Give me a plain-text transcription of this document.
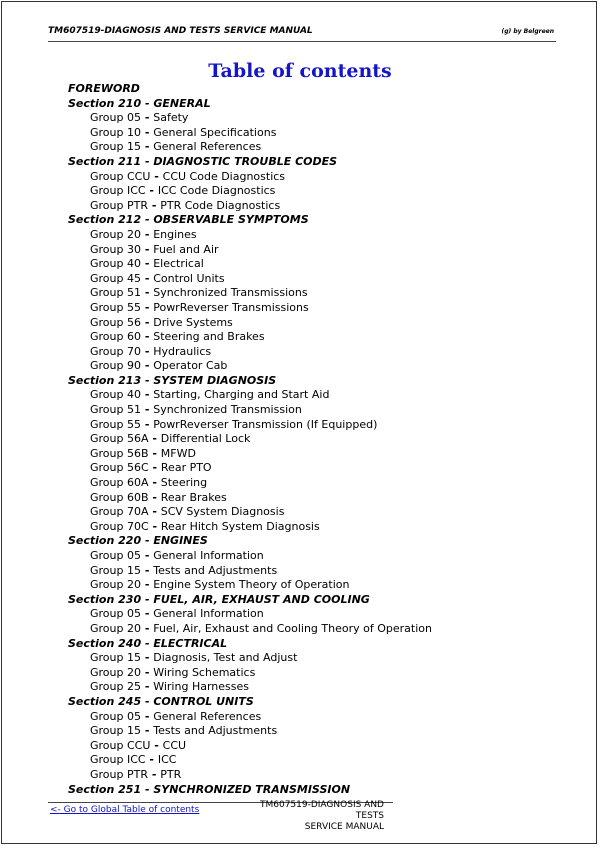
TM607519-DIAGNOSIS AND TESTS SERVICE MANUAL	(g) by Belgreen
Table of contents
FOREWORD
Section 210 - GENERAL
Group 05 - Safety
Group 10 - General Specifications
Group 15 - General References
Section 211 - DIAGNOSTIC TROUBLE CODES
Group CCU - CCU Code Diagnostics
Group ICC - ICC Code Diagnostics
Group PTR - PTR Code Diagnostics
Section 212 - OBSERVABLE SYMPTOMS
Group 20 - Engines
Group 30 - Fuel and Air
Group 40 - Electrical
Group 45 - Control Units
Group 51 - Synchronized Transmissions
Group 55 - PowrReverser Transmissions
Group 56 - Drive Systems
Group 60 - Steering and Brakes
Group 70 - Hydraulics
Group 90 - Operator Cab
Section 213 - SYSTEM DIAGNOSIS
Group 40 - Starting, Charging and Start Aid
Group 51 - Synchronized Transmission
Group 55 - PowrReverser Transmission (If Equipped)
Group 56A - Differential Lock
Group 56B - MFWD
Group 56C - Rear PTO
Group 60A - Steering
Group 60B - Rear Brakes
Group 70A - SCV System Diagnosis
Group 70C - Rear Hitch System Diagnosis
Section 220 - ENGINES
Group 05 - General Information
Group 15 - Tests and Adjustments
Group 20 - Engine System Theory of Operation
Section 230 - FUEL, AIR, EXHAUST AND COOLING
Group 05 - General Information
Group 20 - Fuel, Air, Exhaust and Cooling Theory of Operation
Section 240 - ELECTRICAL
Group 15 - Diagnosis, Test and Adjust
Group 20 - Wiring Schematics
Group 25 - Wiring Harnesses
Section 245 - CONTROL UNITS
Group 05 - General References
Group 15 - Tests and Adjustments
Group CCU - CCU
Group ICC - ICC
Group PTR - PTR
Section 251 - SYNCHRONIZED TRANSMISSION
<- Go to Global Table of contents	TM607519-DIAGNOSIS AND TESTS
SERVICE MANUAL
